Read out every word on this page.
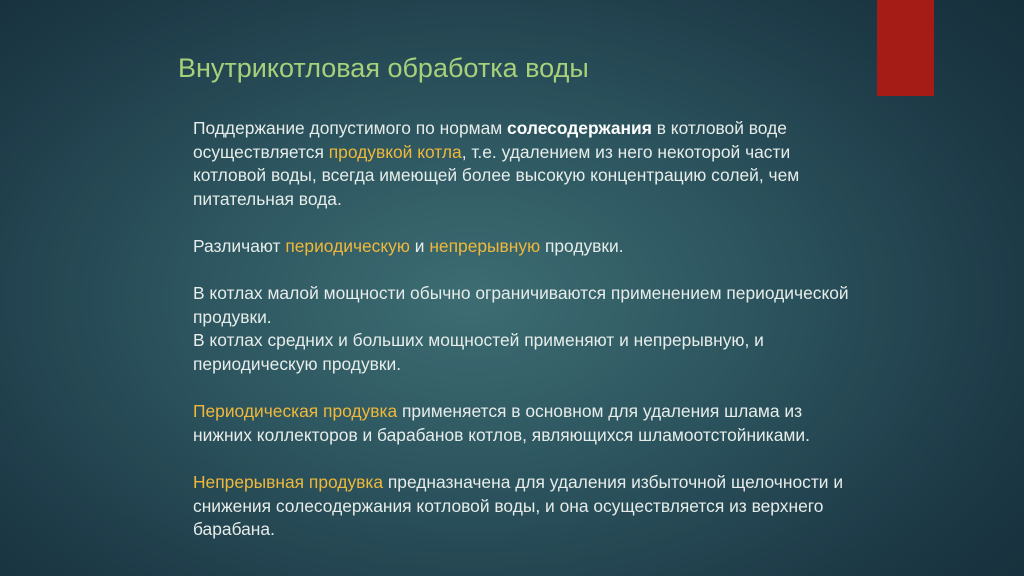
Внутрикотловая обработка воды

Поддержание допустимого по нормам солесодержания в котловой воде осуществляется продувкой котла, т.е. удалением из него некоторой части котловой воды, всегда имеющей более высокую концентрацию солей, чем питательная вода.

Различают периодическую и непрерывную продувки.

В котлах малой мощности обычно ограничиваются применением периодической продувки.

В котлах средних и больших мощностей применяют и непрерывную, и периодическую продувки.

Периодическая продувка применяется в основном для удаления шлама из нижних коллекторов и барабанов котлов, являющихся шламоотстойниками.

Непрерывная продувка предназначена для удаления избыточной щелочности и снижения солесодержания котловой воды, и она осуществляется из верхнего барабана.
